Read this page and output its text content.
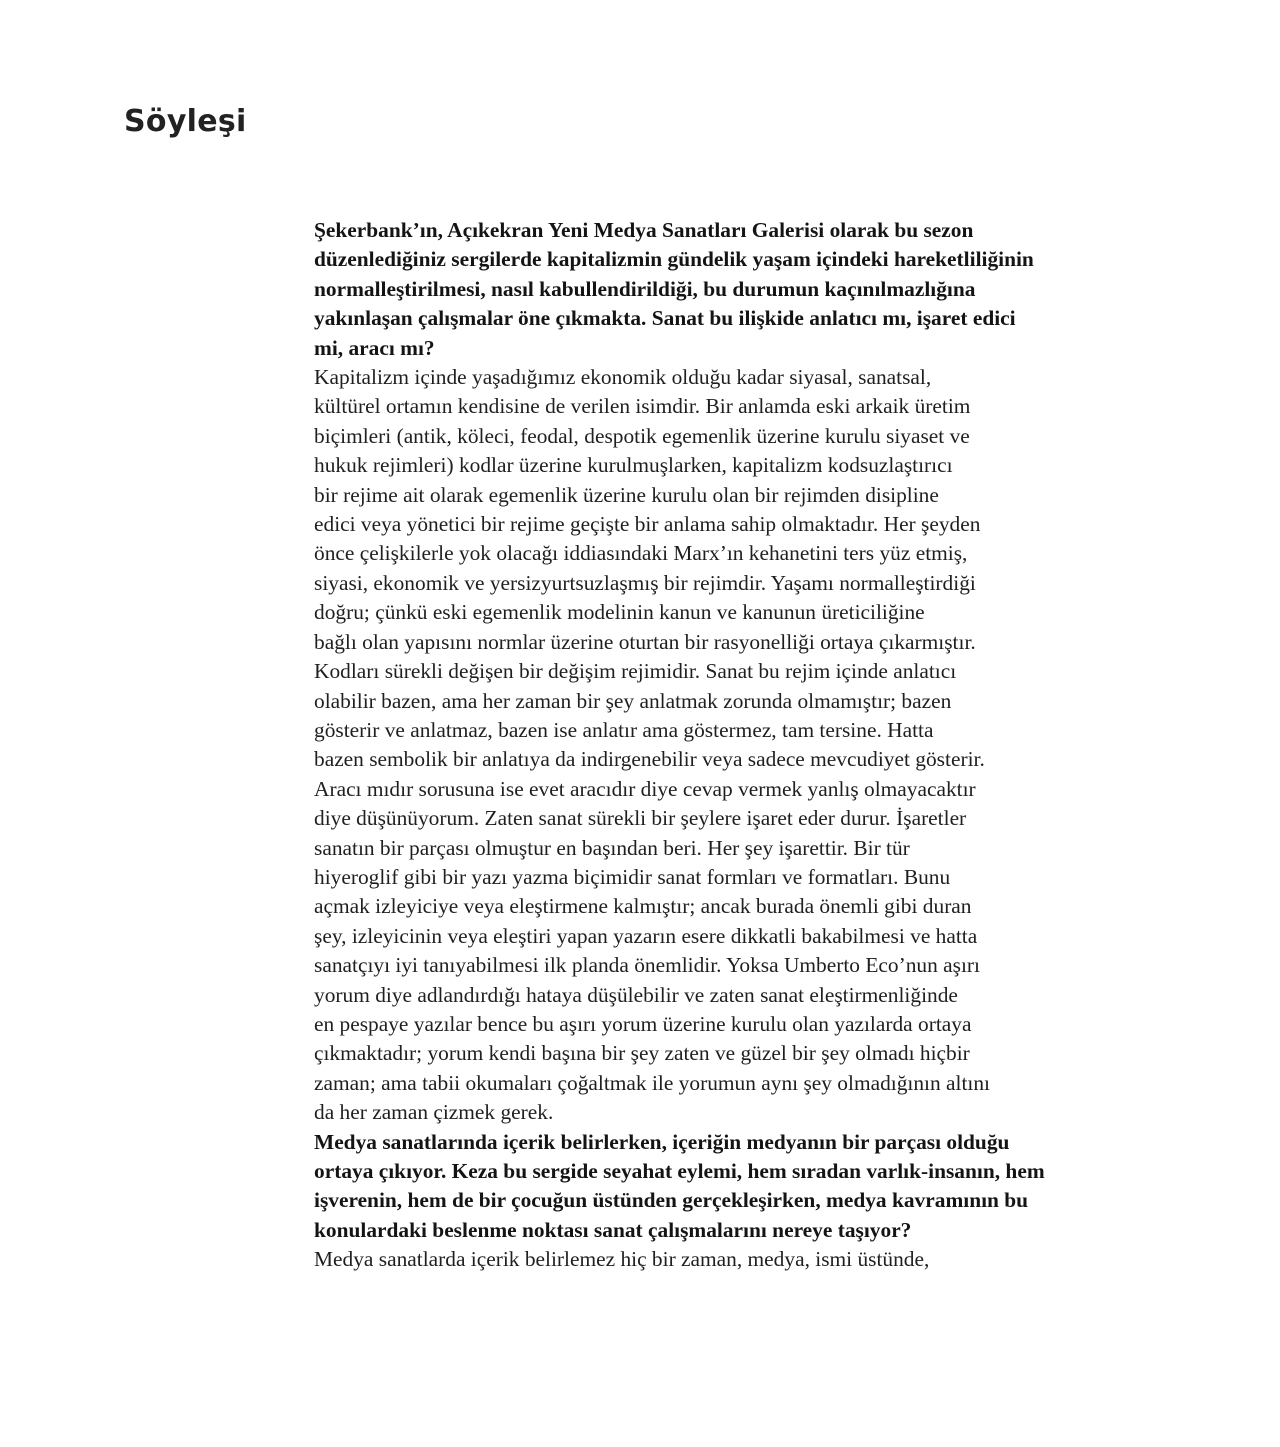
Söyleşi
Şekerbank’ın, Açıkekran Yeni Medya Sanatları Galerisi olarak bu sezon
düzenlediğiniz sergilerde kapitalizmin gündelik yaşam içindeki hareketliliğinin
normalleştirilmesi, nasıl kabullendirildiği, bu durumun kaçınılmazlığına
yakınlaşan çalışmalar öne çıkmakta. Sanat bu ilişkide anlatıcı mı, işaret edici
mi, aracı mı?
Kapitalizm içinde yaşadığımız ekonomik olduğu kadar siyasal, sanatsal,
kültürel ortamın kendisine de verilen isimdir. Bir anlamda eski arkaik üretim
biçimleri (antik, köleci, feodal, despotik egemenlik üzerine kurulu siyaset ve
hukuk rejimleri) kodlar üzerine kurulmuşlarken, kapitalizm kodsuzlaştırıcı
bir rejime ait olarak egemenlik üzerine kurulu olan bir rejimden disipline
edici veya yönetici bir rejime geçişte bir anlama sahip olmaktadır. Her şeyden
önce çelişkilerle yok olacağı iddiasındaki Marx’ın kehanetini ters yüz etmiş,
siyasi, ekonomik ve yersizyurtsuzlaşmış bir rejimdir. Yaşamı normalleştirdiği
doğru; çünkü eski egemenlik modelinin kanun ve kanunun üreticiliğine
bağlı olan yapısını normlar üzerine oturtan bir rasyonelliği ortaya çıkarmıştır.
Kodları sürekli değişen bir değişim rejimidir. Sanat bu rejim içinde anlatıcı
olabilir bazen, ama her zaman bir şey anlatmak zorunda olmamıştır; bazen
gösterir ve anlatmaz, bazen ise anlatır ama göstermez, tam tersine. Hatta
bazen sembolik bir anlatıya da indirgenebilir veya sadece mevcudiyet gösterir.
Aracı mıdır sorusuna ise evet aracıdır diye cevap vermek yanlış olmayacaktır
diye düşünüyorum. Zaten sanat sürekli bir şeylere işaret eder durur. İşaretler
sanatın bir parçası olmuştur en başından beri. Her şey işarettir. Bir tür
hiyeroglif gibi bir yazı yazma biçimidir sanat formları ve formatları. Bunu
açmak izleyiciye veya eleştirmene kalmıştır; ancak burada önemli gibi duran
şey, izleyicinin veya eleştiri yapan yazarın esere dikkatli bakabilmesi ve hatta
sanatçıyı iyi tanıyabilmesi ilk planda önemlidir. Yoksa Umberto Eco’nun aşırı
yorum diye adlandırdığı hataya düşülebilir ve zaten sanat eleştirmenliğinde
en pespaye yazılar bence bu aşırı yorum üzerine kurulu olan yazılarda ortaya
çıkmaktadır; yorum kendi başına bir şey zaten ve güzel bir şey olmadı hiçbir
zaman; ama tabii okumaları çoğaltmak ile yorumun aynı şey olmadığının altını
da her zaman çizmek gerek.
Medya sanatlarında içerik belirlerken, içeriğin medyanın bir parçası olduğu
ortaya çıkıyor. Keza bu sergide seyahat eylemi, hem sıradan varlık-insanın, hem
işverenin, hem de bir çocuğun üstünden gerçekleşirken, medya kavramının bu
konulardaki beslenme noktası sanat çalışmalarını nereye taşıyor?
Medya sanatlarda içerik belirlemez hiç bir zaman, medya, ismi üstünde,
